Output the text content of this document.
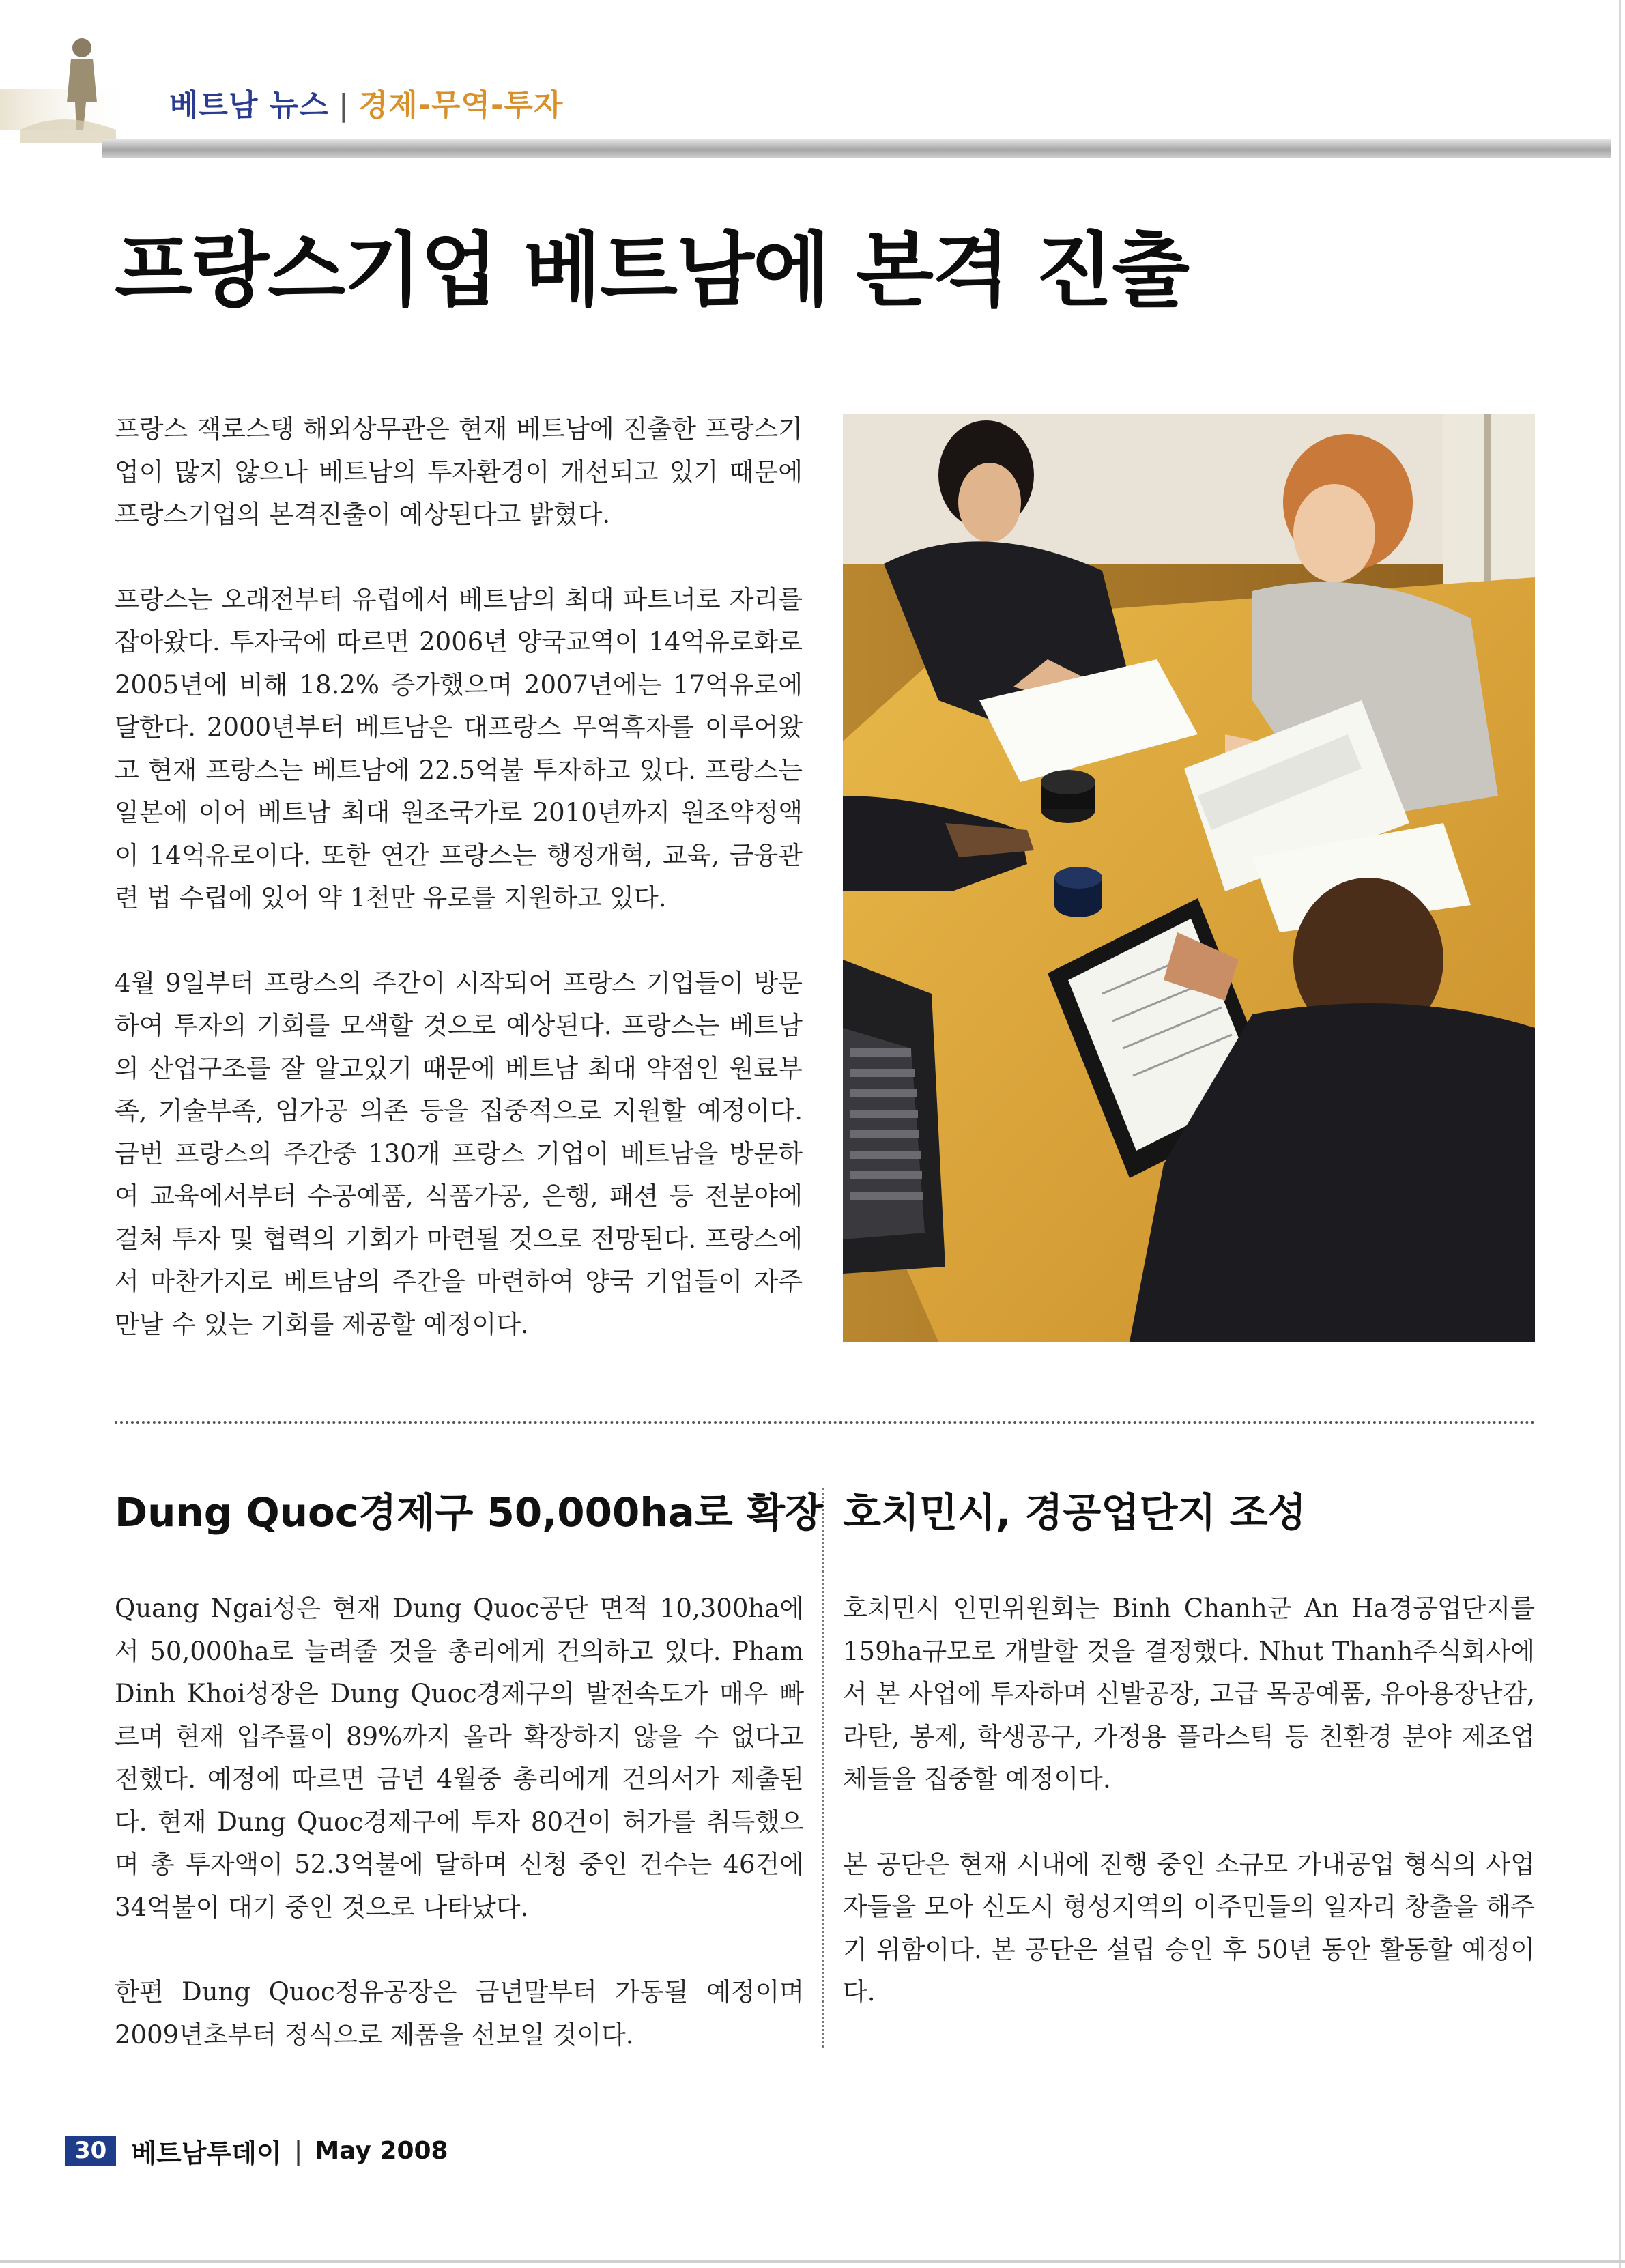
베트남 뉴스 | 경제-무역-투자
프랑스기업 베트남에 본격 진출

프랑스 잭로스탱 해외상무관은 현재 베트남에 진출한 프랑스기업이 많지 않으나 베트남의 투자환경이 개선되고 있기 때문에 프랑스기업의 본격진출이 예상된다고 밝혔다.

프랑스는 오래전부터 유럽에서 베트남의 최대 파트너로 자리를 잡아왔다. 투자국에 따르면 2006년 양국교역이 14억유로화로 2005년에 비해 18.2% 증가했으며 2007년에는 17억유로에 달한다. 2000년부터 베트남은 대프랑스 무역흑자를 이루어왔고 현재 프랑스는 베트남에 22.5억불 투자하고 있다. 프랑스는 일본에 이어 베트남 최대 원조국가로 2010년까지 원조약정액이 14억유로이다. 또한 연간 프랑스는 행정개혁, 교육, 금융관련 법 수립에 있어 약 1천만 유로를 지원하고 있다.

4월 9일부터 프랑스의 주간이 시작되어 프랑스 기업들이 방문하여 투자의 기회를 모색할 것으로 예상된다. 프랑스는 베트남의 산업구조를 잘 알고있기 때문에 베트남 최대 약점인 원료부족, 기술부족, 임가공 의존 등을 집중적으로 지원할 예정이다. 금번 프랑스의 주간중 130개 프랑스 기업이 베트남을 방문하여 교육에서부터 수공예품, 식품가공, 은행, 패션 등 전분야에 걸쳐 투자 및 협력의 기회가 마련될 것으로 전망된다. 프랑스에서 마찬가지로 베트남의 주간을 마련하여 양국 기업들이 자주 만날 수 있는 기회를 제공할 예정이다.

Dung Quoc경제구 50,000ha로 확장

Quang Ngai성은 현재 Dung Quoc공단 면적 10,300ha에서 50,000ha로 늘려줄 것을 총리에게 건의하고 있다. Pham Dinh Khoi성장은 Dung Quoc경제구의 발전속도가 매우 빠르며 현재 입주률이 89%까지 올라 확장하지 않을 수 없다고 전했다. 예정에 따르면 금년 4월중 총리에게 건의서가 제출된다. 현재 Dung Quoc경제구에 투자 80건이 허가를 취득했으며 총 투자액이 52.3억불에 달하며 신청 중인 건수는 46건에 34억불이 대기 중인 것으로 나타났다.

한편 Dung Quoc정유공장은 금년말부터 가동될 예정이며 2009년초부터 정식으로 제품을 선보일 것이다.

호치민시, 경공업단지 조성

호치민시 인민위원회는 Binh Chanh군 An Ha경공업단지를 159ha규모로 개발할 것을 결정했다. Nhut Thanh주식회사에서 본 사업에 투자하며 신발공장, 고급 목공예품, 유아용장난감, 라탄, 봉제, 학생공구, 가정용 플라스틱 등 친환경 분야 제조업체들을 집중할 예정이다.

본 공단은 현재 시내에 진행 중인 소규모 가내공업 형식의 사업자들을 모아 신도시 형성지역의 이주민들의 일자리 창출을 해주기 위함이다. 본 공단은 설립 승인 후 50년 동안 활동할 예정이다.

30 베트남투데이 | May 2008
